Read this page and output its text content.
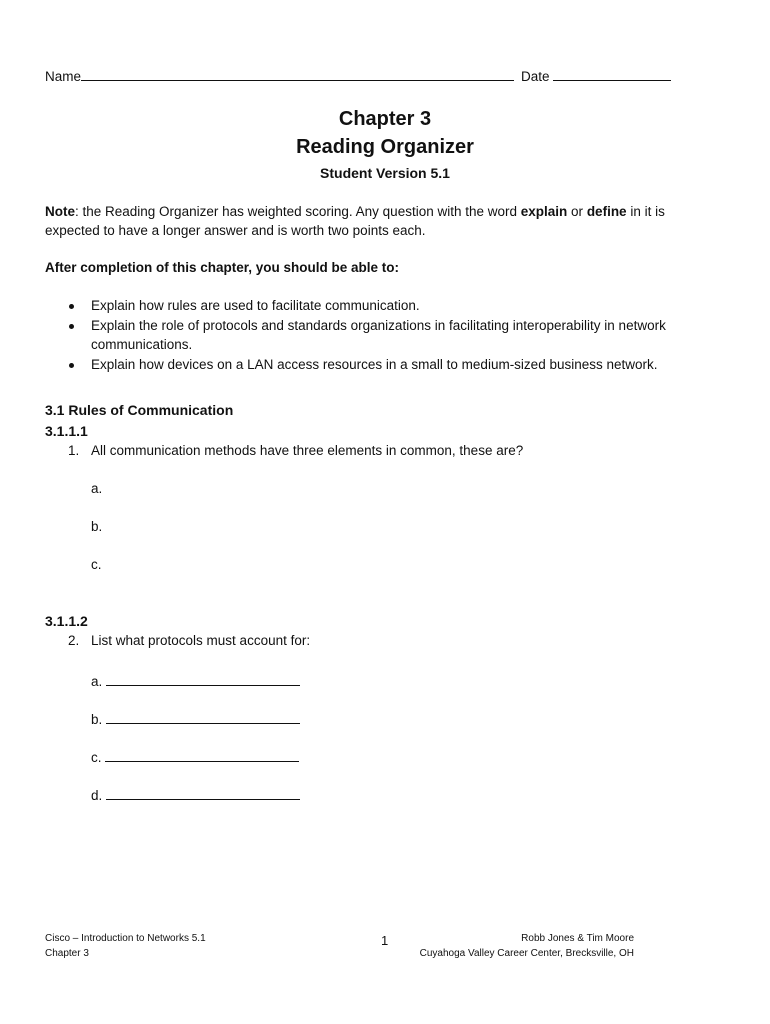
Name	Date
Chapter 3
Reading Organizer
Student Version 5.1
Note: the Reading Organizer has weighted scoring. Any question with the word explain or define in it is
expected to have a longer answer and is worth two points each.
After completion of this chapter, you should be able to:
Explain how rules are used to facilitate communication.
Explain the role of protocols and standards organizations in facilitating interoperability in network
communications.
Explain how devices on a LAN access resources in a small to medium-sized business network.
3.1 Rules of Communication
3.1.1.1
1. All communication methods have three elements in common, these are?
a.
b.
c.
3.1.1.2
2. List what protocols must account for:
a.
b.
c.
d.
Cisco – Introduction to Networks 5.1
Chapter 3
1	Robb Jones & Tim Moore
Cuyahoga Valley Career Center, Brecksville, OH
